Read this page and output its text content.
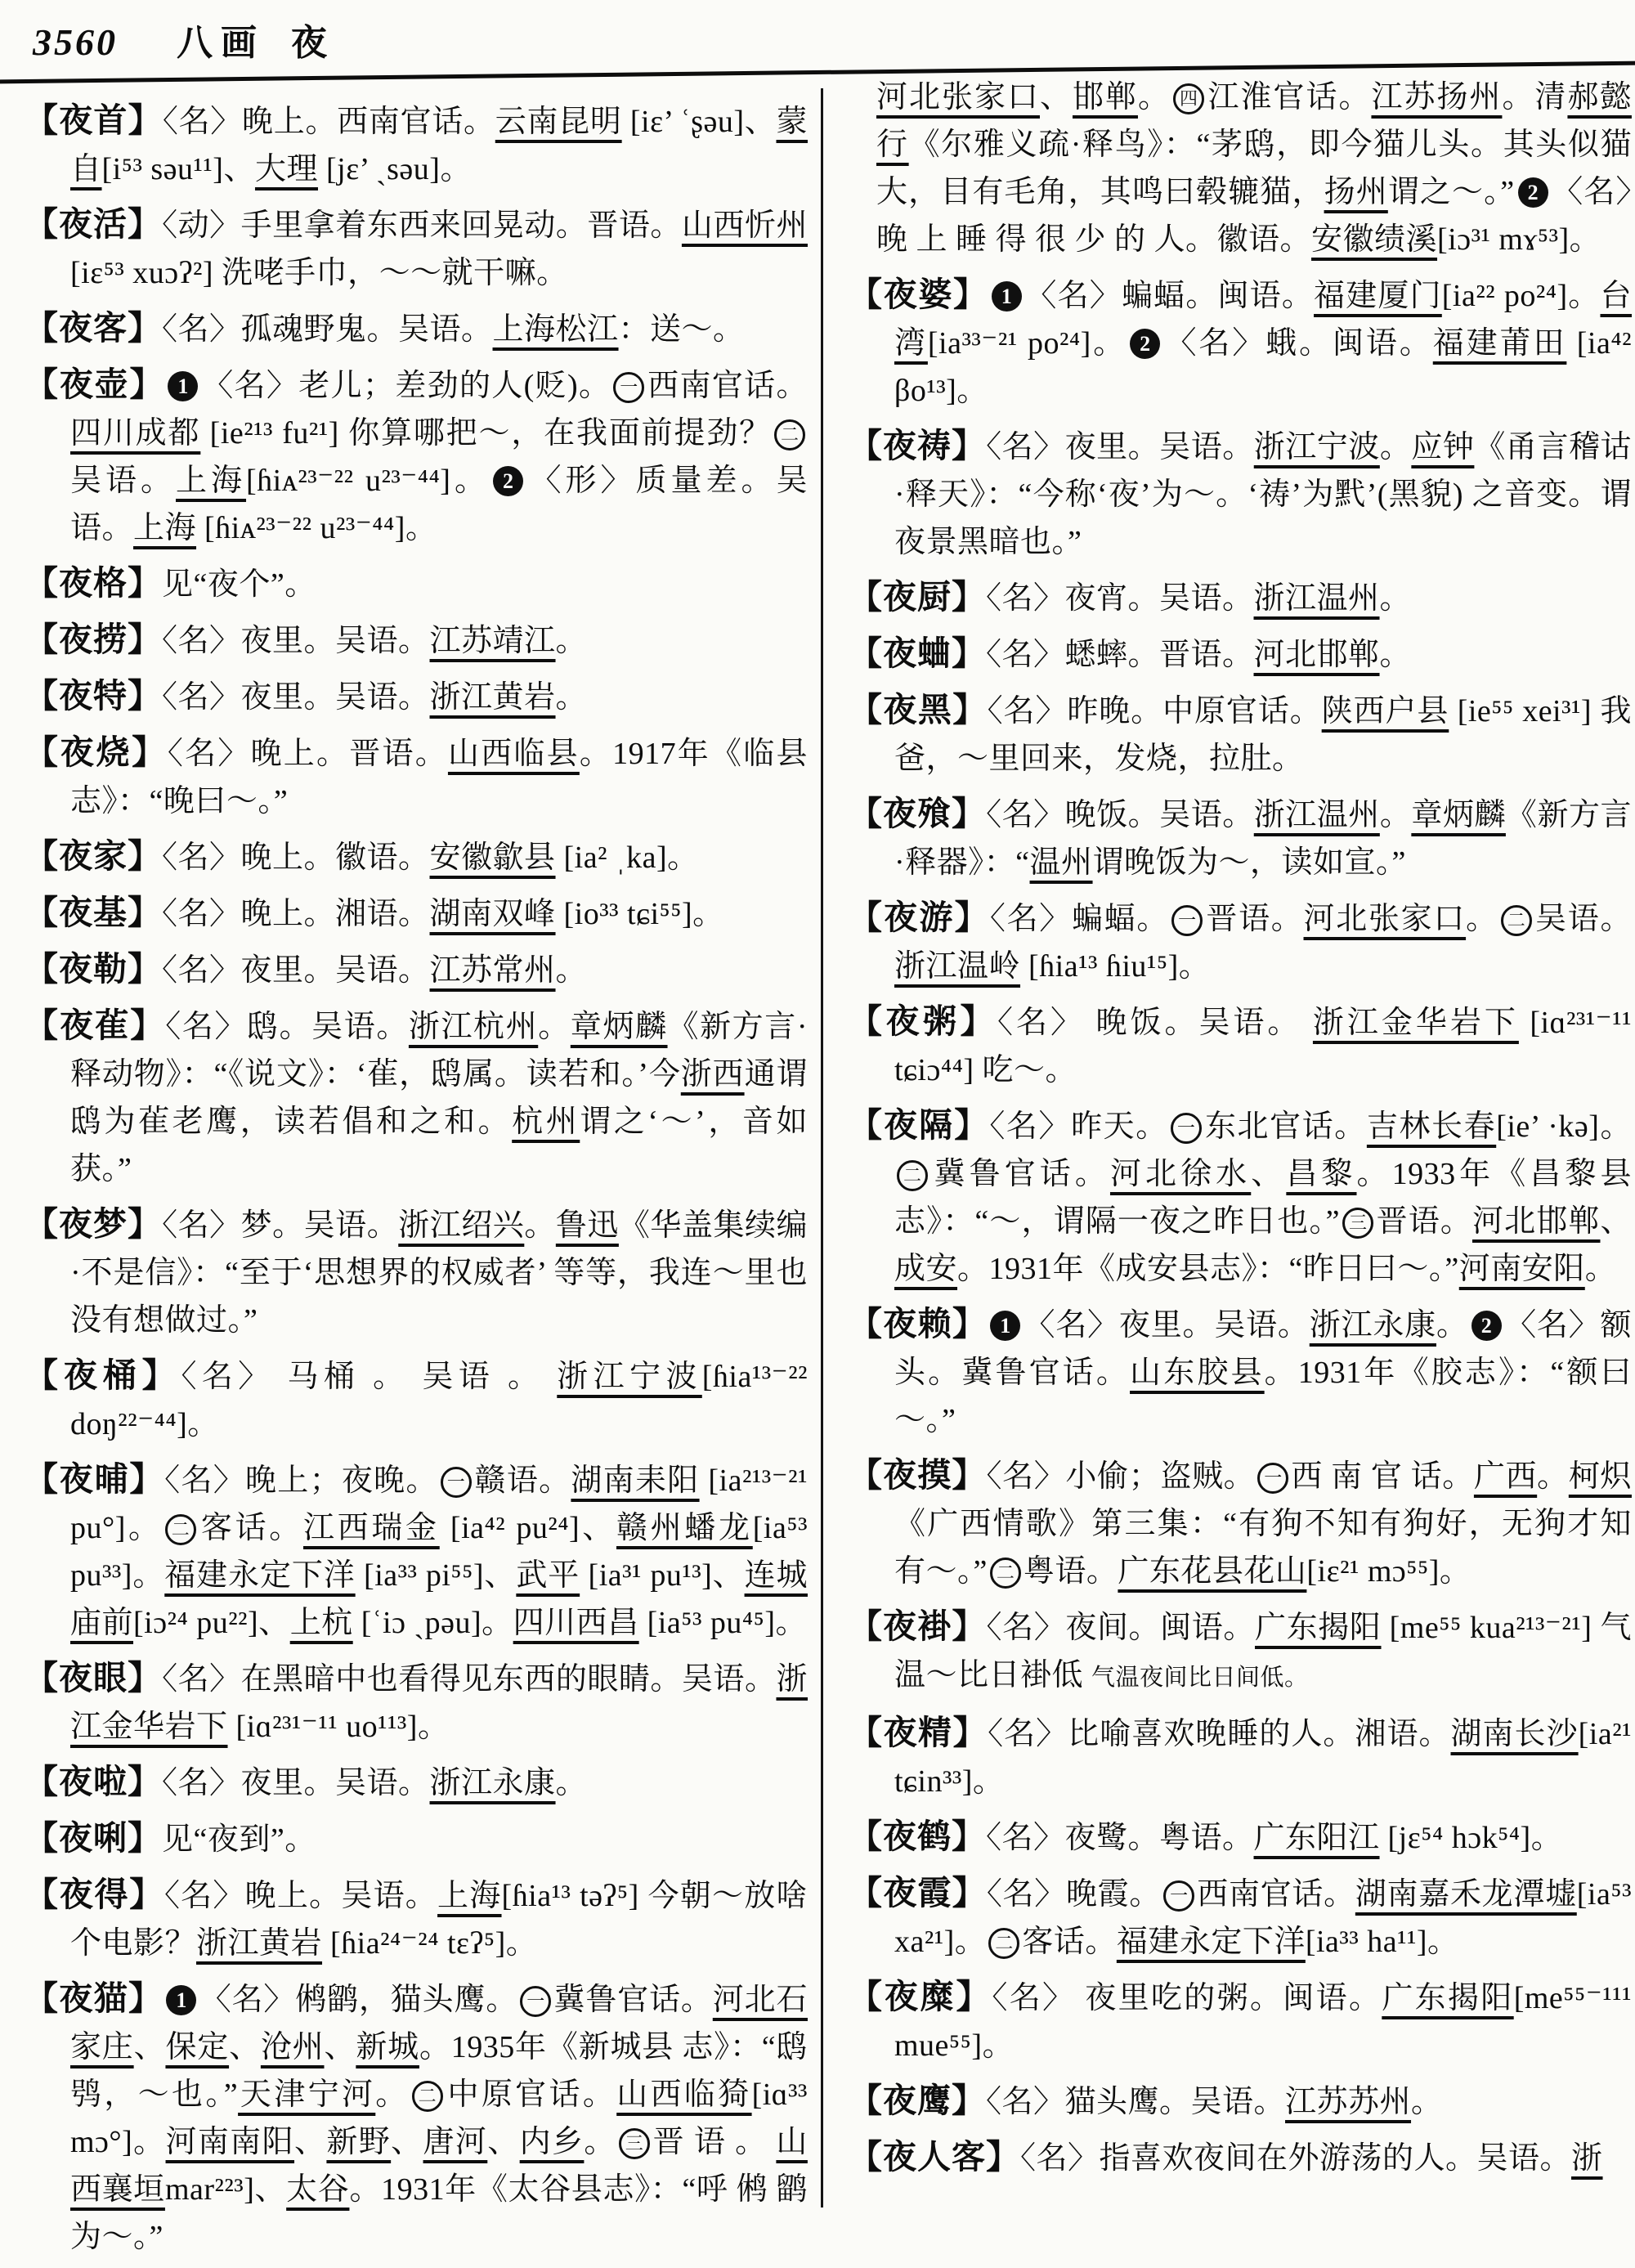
3560 八画 夜

【夜首】〈名〉晚上。西南官话。云南昆明 [iɛ’ ʿʂəu]、蒙自[i⁵³ səu¹¹]、大理 [jɛ’ ˎsəu]。

【夜活】〈动〉手里拿着东西来回晃动。晋语。山西忻州[iɛ⁵³ xuɔʔ²] 洗咾手巾，～～就干嘛。

【夜客】〈名〉孤魂野鬼。吴语。上海松江：送～。

【夜壶】 1 〈名〉老儿；差劲的人(贬)。 一 西南官话。四川成都 [ie²¹³ fu²¹] 你算哪把～，在我面前提劲？ 二吴语。上海[ɦiᴀ²³⁻²² u²³⁻⁴⁴]。 2 〈形〉质量差。吴语。上海 [ɦiᴀ²³⁻²² u²³⁻⁴⁴]。

【夜格】见“夜个”。

【夜捞】〈名〉夜里。吴语。江苏靖江。

【夜特】〈名〉夜里。吴语。浙江黄岩。

【夜烧】〈名〉晚上。晋语。山西临县。1917年《临县志》：“晚曰～。”

【夜家】〈名〉晚上。徽语。安徽歙县 [ia² ˌka]。

【夜基】〈名〉晚上。湘语。湖南双峰 [io³³ tɕi⁵⁵]。

【夜勒】〈名〉夜里。吴语。江苏常州。

【夜雈】〈名〉鸱。吴语。浙江杭州。章炳麟《新方言·释动物》：“《说文》：‘雈，鸱属。读若和。’今浙西通谓鸱为雈老鹰，读若倡和之和。杭州谓之‘～’，音如获。”

【夜梦】〈名〉梦。吴语。浙江绍兴。鲁迅《华盖集续编·不是信》：“至于‘思想界的权威者’ 等等，我连～里也没有想做过。”

【夜桶】〈名〉 马桶 。 吴语 。 浙江宁波[ɦia¹³⁻²² doŋ²²⁻⁴⁴]。

【夜晡】〈名〉晚上；夜晚。 一 赣语。湖南耒阳 [ia²¹³⁻²¹ pu°]。 二 客话。江西瑞金 [ia⁴² pu²⁴]、赣州蟠龙[ia⁵³ pu³³]。福建永定下洋 [ia³³ pi⁵⁵]、武平 [ia³¹ pu¹³]、连城庙前[iɔ²⁴ pu²²]、上杭 [ʿiɔ ˎpəu]。四川西昌 [ia⁵³ pu⁴⁵]。

【夜眼】〈名〉在黑暗中也看得见东西的眼睛。吴语。浙江金华岩下 [iɑ²³¹⁻¹¹ uo¹¹³]。

【夜啦】〈名〉夜里。吴语。浙江永康。

【夜唎】见“夜到”。

【夜得】〈名〉晚上。吴语。上海[ɦia¹³ təʔ⁵] 今朝～放啥个电影？浙江黄岩 [ɦia²⁴⁻²⁴ tɛʔ⁵]。

【夜猫】 1 〈名〉鸺鹠，猫头鹰。 一 冀鲁官话。河北石家庄、保定、沧州、新城。1935年《新城县 志》：“鸱鸮，～也。”天津宁河。 二 中原官话。山西临猗[iɑ³³ mɔ°]。河南南阳、新野、唐河、内乡。 三 晋 语 。 山西襄垣mar²²³]、太谷。1931年《太谷县志》：“呼 鸺 鹠 为～。”

河北张家口、邯郸。 四 江淮官话。江苏扬州。清郝懿行《尔雅义疏·释鸟》：“茅鸱，即今猫儿头。其头似猫大，目有毛角，其鸣曰毂辘猫，扬州谓之～。” 2 〈名〉晚 上 睡 得 很 少 的 人。徽语。安徽绩溪[iɔ³¹ mɤ⁵³]。

【夜婆】 1 〈名〉蝙蝠。闽语。福建厦门[ia²² po²⁴]。台湾[ia³³⁻²¹ po²⁴]。 2 〈名〉蛾。闽语。福建莆田 [ia⁴² βo¹³]。

【夜祷】〈名〉夜里。吴语。浙江宁波。应钟《甬言稽诂·释天》：“今称‘夜’为～。‘祷’为黓’(黑貌) 之音变。谓夜景黑暗也。”

【夜厨】〈名〉夜宵。吴语。浙江温州。

【夜蛐】〈名〉蟋蟀。晋语。河北邯郸。

【夜黑】〈名〉昨晚。中原官话。陕西户县 [ie⁵⁵ xei³¹] 我爸，～里回来，发烧，拉肚。

【夜飱】〈名〉晚饭。吴语。浙江温州。章炳麟《新方言·释器》：“温州谓晚饭为～，读如宣。”

【夜游】〈名〉蝙蝠。 一 晋语。河北张家口。 二 吴语。浙江温岭 [ɦia¹³ ɦiu¹⁵]。

【夜粥】〈名〉 晚饭。吴语。 浙江金华岩下 [iɑ²³¹⁻¹¹ tɕiɔ⁴⁴] 吃～。

【夜隔】〈名〉昨天。 一 东北官话。吉林长春[ie’ ·kə]。二 冀鲁官话。河北徐水、昌黎。1933年《昌黎县志》：“～，谓隔一夜之昨日也。” 三 晋语。河北邯郸、成安。1931年《成安县志》：“昨日曰～。”河南安阳。

【夜赖】 1 〈名〉夜里。吴语。浙江永康。 2 〈名〉额头。冀鲁官话。山东胶县。1931年《胶志》：“额曰～。”

【夜摸】〈名〉小偷；盗贼。 一 西 南 官 话。广西。柯炽《广西情歌》第三集：“有狗不知有狗好，无狗才知有～。” 二 粤语。广东花县花山[iɛ²¹ mɔ⁵⁵]。

【夜褂】〈名〉夜间。闽语。广东揭阳 [me⁵⁵ kua²¹³⁻²¹] 气温～比日褂低 气温夜间比日间低。

【夜精】〈名〉比喻喜欢晚睡的人。湘语。湖南长沙[ia²¹ tɕin³³]。

【夜鹤】〈名〉夜鹭。粤语。广东阳江 [jɛ⁵⁴ hɔk⁵⁴]。

【夜霞】〈名〉晚霞。 一 西南官话。湖南嘉禾龙潭墟[ia⁵³ xa²¹]。 二 客话。福建永定下洋[ia³³ ha¹¹]。

【夜糜】〈名〉 夜里吃的粥。闽语。广东揭阳[me⁵⁵⁻¹¹¹ mue⁵⁵]。

【夜鹰】〈名〉猫头鹰。吴语。江苏苏州。

【夜人客】〈名〉指喜欢夜间在外游荡的人。吴语。浙
